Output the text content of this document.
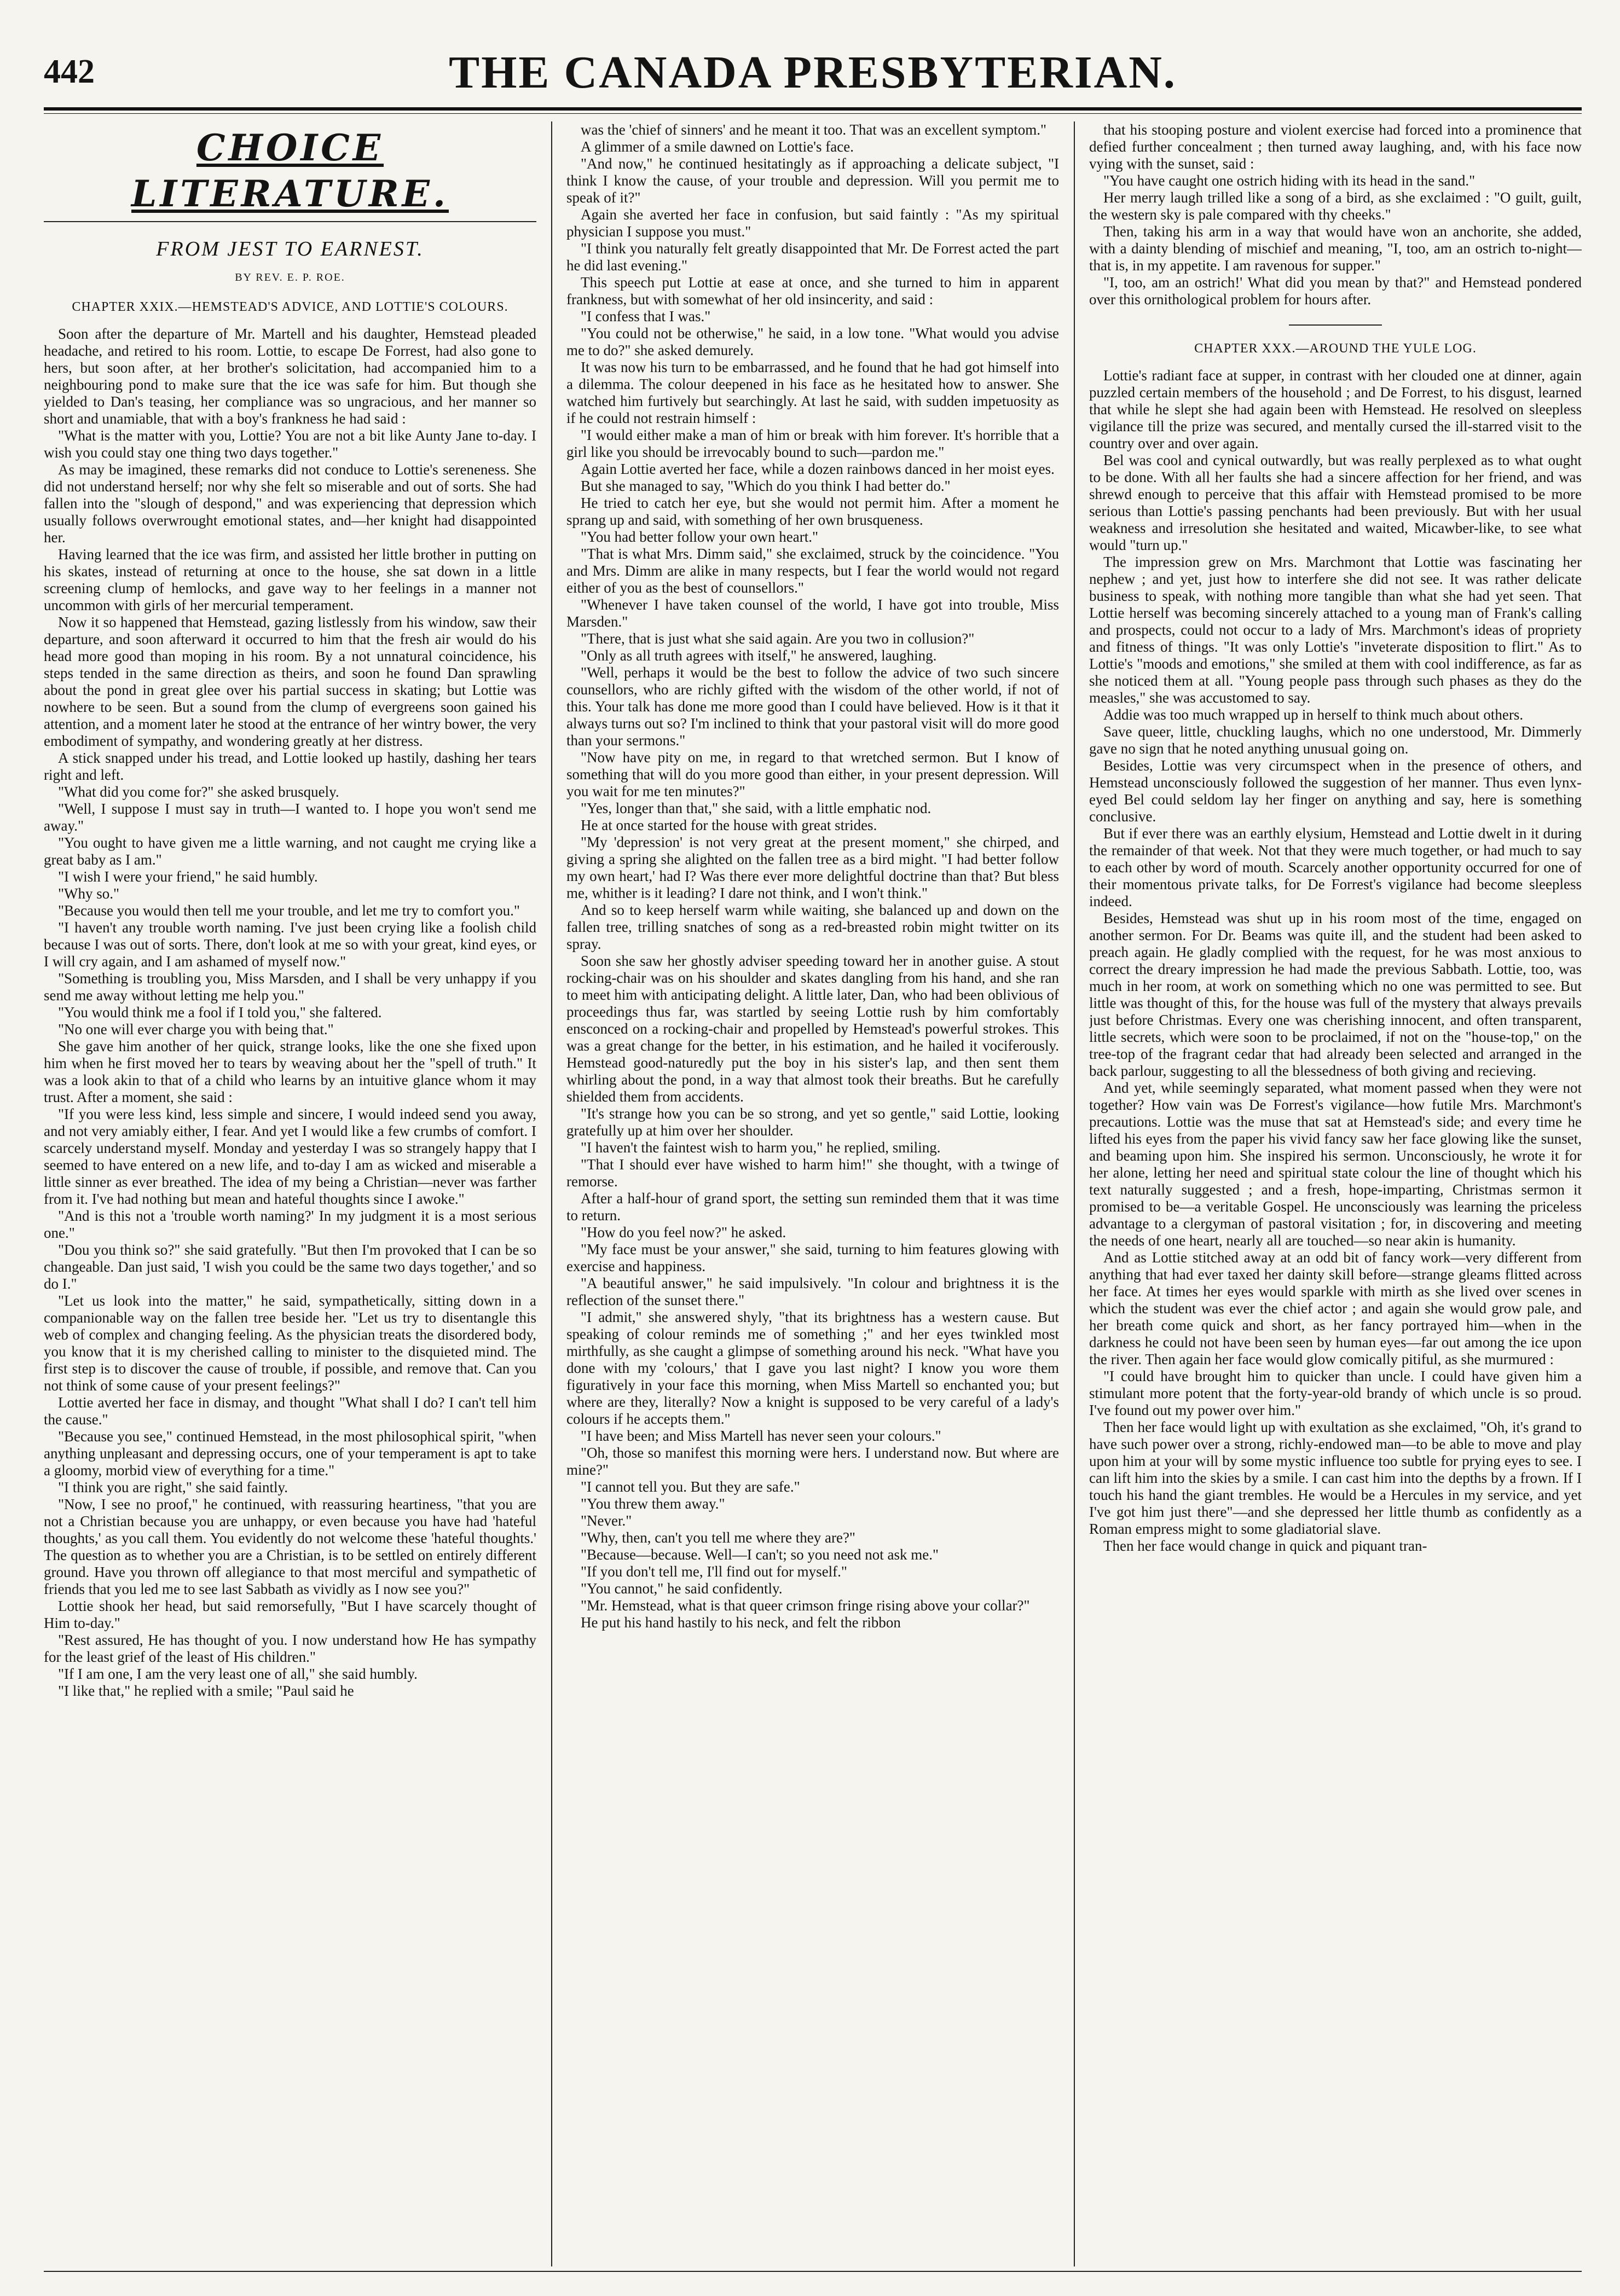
442	THE CANADA PRESBYTERIAN.
CHOICE LITERATURE.
FROM JEST TO EARNEST.
BY REV. E. P. ROE.
CHAPTER XXIX.—HEMSTEAD'S ADVICE, AND LOTTIE'S COLOURS.

Soon after the departure of Mr. Martell and his daughter, Hemstead pleaded headache, and retired to his room. Lottie, to escape De Forrest, had also gone to hers, but soon after, at her brother's solicitation, had accompanied him to a neighbouring pond to make sure that the ice was safe for him. But though she yielded to Dan's teasing, her compliance was so ungracious, and her manner so short and unamiable, that with a boy's frankness he had said :

"What is the matter with you, Lottie? You are not a bit like Aunty Jane to-day. I wish you could stay one thing two days together."

As may be imagined, these remarks did not conduce to Lottie's sereneness. She did not understand herself; nor why she felt so miserable and out of sorts. She had fallen into the "slough of despond," and was experiencing that depression which usually follows overwrought emotional states, and—her knight had disappointed her.

Having learned that the ice was firm, and assisted her little brother in putting on his skates, instead of returning at once to the house, she sat down in a little screening clump of hemlocks, and gave way to her feelings in a manner not uncommon with girls of her mercurial temperament.

Now it so happened that Hemstead, gazing listlessly from his window, saw their departure, and soon afterward it occurred to him that the fresh air would do his head more good than moping in his room. By a not unnatural coincidence, his steps tended in the same direction as theirs, and soon he found Dan sprawling about the pond in great glee over his partial success in skating; but Lottie was nowhere to be seen. But a sound from the clump of evergreens soon gained his attention, and a moment later he stood at the entrance of her wintry bower, the very embodiment of sympathy, and wondering greatly at her distress.

A stick snapped under his tread, and Lottie looked up hastily, dashing her tears right and left.

"What did you come for?" she asked brusquely.

"Well, I suppose I must say in truth—I wanted to. I hope you won't send me away."

"You ought to have given me a little warning, and not caught me crying like a great baby as I am."

"I wish I were your friend," he said humbly.

"Why so."

"Because you would then tell me your trouble, and let me try to comfort you."

"I haven't any trouble worth naming. I've just been crying like a foolish child because I was out of sorts. There, don't look at me so with your great, kind eyes, or I will cry again, and I am ashamed of myself now."

"Something is troubling you, Miss Marsden, and I shall be very unhappy if you send me away without letting me help you."

"You would think me a fool if I told you," she faltered.

"No one will ever charge you with being that."

She gave him another of her quick, strange looks, like the one she fixed upon him when he first moved her to tears by weaving about her the "spell of truth." It was a look akin to that of a child who learns by an intuitive glance whom it may trust. After a moment, she said :

"If you were less kind, less simple and sincere, I would indeed send you away, and not very amiably either, I fear. And yet I would like a few crumbs of comfort. I scarcely understand myself. Monday and yesterday I was so strangely happy that I seemed to have entered on a new life, and to-day I am as wicked and miserable a little sinner as ever breathed. The idea of my being a Christian—never was farther from it. I've had nothing but mean and hateful thoughts since I awoke."

"And is this not a 'trouble worth naming?' In my judgment it is a most serious one."

"Dou you think so?" she said gratefully. "But then I'm provoked that I can be so changeable. Dan just said, 'I wish you could be the same two days together,' and so do I."

"Let us look into the matter," he said, sympathetically, sitting down in a companionable way on the fallen tree beside her. "Let us try to disentangle this web of complex and changing feeling. As the physician treats the disordered body, you know that it is my cherished calling to minister to the disquieted mind. The first step is to discover the cause of trouble, if possible, and remove that. Can you not think of some cause of your present feelings?"

Lottie averted her face in dismay, and thought "What shall I do? I can't tell him the cause."

"Because you see," continued Hemstead, in the most philosophical spirit, "when anything unpleasant and depressing occurs, one of your temperament is apt to take a gloomy, morbid view of everything for a time."

"I think you are right," she said faintly.

"Now, I see no proof," he continued, with reassuring heartiness, "that you are not a Christian because you are unhappy, or even because you have had 'hateful thoughts,' as you call them. You evidently do not welcome these 'hateful thoughts.' The question as to whether you are a Christian, is to be settled on entirely different ground. Have you thrown off allegiance to that most merciful and sympathetic of friends that you led me to see last Sabbath as vividly as I now see you?"

Lottie shook her head, but said remorsefully, "But I have scarcely thought of Him to-day."

"Rest assured, He has thought of you. I now understand how He has sympathy for the least grief of the least of His children."

"If I am one, I am the very least one of all," she said humbly.

"I like that," he replied with a smile; "Paul said he

was the 'chief of sinners' and he meant it too. That was an excellent symptom."

A glimmer of a smile dawned on Lottie's face.

"And now," he continued hesitatingly as if approaching a delicate subject, "I think I know the cause, of your trouble and depression. Will you permit me to speak of it?"

Again she averted her face in confusion, but said faintly : "As my spiritual physician I suppose you must."

"I think you naturally felt greatly disappointed that Mr. De Forrest acted the part he did last evening."

This speech put Lottie at ease at once, and she turned to him in apparent frankness, but with somewhat of her old insincerity, and said :

"I confess that I was."

"You could not be otherwise," he said, in a low tone. "What would you advise me to do?" she asked demurely.

It was now his turn to be embarrassed, and he found that he had got himself into a dilemma. The colour deepened in his face as he hesitated how to answer. She watched him furtively but searchingly. At last he said, with sudden impetuosity as if he could not restrain himself :

"I would either make a man of him or break with him forever. It's horrible that a girl like you should be irrevocably bound to such—pardon me."

Again Lottie averted her face, while a dozen rainbows danced in her moist eyes.

But she managed to say, "Which do you think I had better do."

He tried to catch her eye, but she would not permit him. After a moment he sprang up and said, with something of her own brusqueness.

"You had better follow your own heart."

"That is what Mrs. Dimm said," she exclaimed, struck by the coincidence. "You and Mrs. Dimm are alike in many respects, but I fear the world would not regard either of you as the best of counsellors."

"Whenever I have taken counsel of the world, I have got into trouble, Miss Marsden."

"There, that is just what she said again. Are you two in collusion?"

"Only as all truth agrees with itself," he answered, laughing.

"Well, perhaps it would be the best to follow the advice of two such sincere counsellors, who are richly gifted with the wisdom of the other world, if not of this. Your talk has done me more good than I could have believed. How is it that it always turns out so? I'm inclined to think that your pastoral visit will do more good than your sermons."

"Now have pity on me, in regard to that wretched sermon. But I know of something that will do you more good than either, in your present depression. Will you wait for me ten minutes?"

"Yes, longer than that," she said, with a little emphatic nod.

He at once started for the house with great strides.

"My 'depression' is not very great at the present moment," she chirped, and giving a spring she alighted on the fallen tree as a bird might. "I had better follow my own heart,' had I? Was there ever more delightful doctrine than that? But bless me, whither is it leading? I dare not think, and I won't think."

And so to keep herself warm while waiting, she balanced up and down on the fallen tree, trilling snatches of song as a red-breasted robin might twitter on its spray.

Soon she saw her ghostly adviser speeding toward her in another guise. A stout rocking-chair was on his shoulder and skates dangling from his hand, and she ran to meet him with anticipating delight. A little later, Dan, who had been oblivious of proceedings thus far, was startled by seeing Lottie rush by him comfortably ensconced on a rocking-chair and propelled by Hemstead's powerful strokes. This was a great change for the better, in his estimation, and he hailed it vociferously. Hemstead good-naturedly put the boy in his sister's lap, and then sent them whirling about the pond, in a way that almost took their breaths. But he carefully shielded them from accidents.

"It's strange how you can be so strong, and yet so gentle," said Lottie, looking gratefully up at him over her shoulder.

"I haven't the faintest wish to harm you," he replied, smiling.

"That I should ever have wished to harm him!" she thought, with a twinge of remorse.

After a half-hour of grand sport, the setting sun reminded them that it was time to return.

"How do you feel now?" he asked.

"My face must be your answer," she said, turning to him features glowing with exercise and happiness.

"A beautiful answer," he said impulsively. "In colour and brightness it is the reflection of the sunset there."

"I admit," she answered shyly, "that its brightness has a western cause. But speaking of colour reminds me of something ;" and her eyes twinkled most mirthfully, as she caught a glimpse of something around his neck. "What have you done with my 'colours,' that I gave you last night? I know you wore them figuratively in your face this morning, when Miss Martell so enchanted you; but where are they, literally? Now a knight is supposed to be very careful of a lady's colours if he accepts them."

"I have been; and Miss Martell has never seen your colours."

"Oh, those so manifest this morning were hers. I understand now. But where are mine?"

"I cannot tell you. But they are safe."

"You threw them away."

"Never."

"Why, then, can't you tell me where they are?"

"Because—because. Well—I can't; so you need not ask me."

"If you don't tell me, I'll find out for myself."

"You cannot," he said confidently.

"Mr. Hemstead, what is that queer crimson fringe rising above your collar?"

He put his hand hastily to his neck, and felt the ribbon

that his stooping posture and violent exercise had forced into a prominence that defied further concealment ; then turned away laughing, and, with his face now vying with the sunset, said :

"You have caught one ostrich hiding with its head in the sand."

Her merry laugh trilled like a song of a bird, as she exclaimed : "O guilt, guilt, the western sky is pale compared with thy cheeks."

Then, taking his arm in a way that would have won an anchorite, she added, with a dainty blending of mischief and meaning, "I, too, am an ostrich to-night—that is, in my appetite. I am ravenous for supper."

"I, too, am an ostrich!' What did you mean by that?" and Hemstead pondered over this ornithological problem for hours after.

CHAPTER XXX.—AROUND THE YULE LOG.

Lottie's radiant face at supper, in contrast with her clouded one at dinner, again puzzled certain members of the household ; and De Forrest, to his disgust, learned that while he slept she had again been with Hemstead. He resolved on sleepless vigilance till the prize was secured, and mentally cursed the ill-starred visit to the country over and over again.

Bel was cool and cynical outwardly, but was really perplexed as to what ought to be done. With all her faults she had a sincere affection for her friend, and was shrewd enough to perceive that this affair with Hemstead promised to be more serious than Lottie's passing penchants had been previously. But with her usual weakness and irresolution she hesitated and waited, Micawber-like, to see what would "turn up."

The impression grew on Mrs. Marchmont that Lottie was fascinating her nephew ; and yet, just how to interfere she did not see. It was rather delicate business to speak, with nothing more tangible than what she had yet seen. That Lottie herself was becoming sincerely attached to a young man of Frank's calling and prospects, could not occur to a lady of Mrs. Marchmont's ideas of propriety and fitness of things. "It was only Lottie's "inveterate disposition to flirt." As to Lottie's "moods and emotions," she smiled at them with cool indifference, as far as she noticed them at all. "Young people pass through such phases as they do the measles," she was accustomed to say.

Addie was too much wrapped up in herself to think much about others.

Save queer, little, chuckling laughs, which no one understood, Mr. Dimmerly gave no sign that he noted anything unusual going on.

Besides, Lottie was very circumspect when in the presence of others, and Hemstead unconsciously followed the suggestion of her manner. Thus even lynx-eyed Bel could seldom lay her finger on anything and say, here is something conclusive.

But if ever there was an earthly elysium, Hemstead and Lottie dwelt in it during the remainder of that week. Not that they were much together, or had much to say to each other by word of mouth. Scarcely another opportunity occurred for one of their momentous private talks, for De Forrest's vigilance had become sleepless indeed.

Besides, Hemstead was shut up in his room most of the time, engaged on another sermon. For Dr. Beams was quite ill, and the student had been asked to preach again. He gladly complied with the request, for he was most anxious to correct the dreary impression he had made the previous Sabbath. Lottie, too, was much in her room, at work on something which no one was permitted to see. But little was thought of this, for the house was full of the mystery that always prevails just before Christmas. Every one was cherishing innocent, and often transparent, little secrets, which were soon to be proclaimed, if not on the "house-top," on the tree-top of the fragrant cedar that had already been selected and arranged in the back parlour, suggesting to all the blessedness of both giving and recieving.

And yet, while seemingly separated, what moment passed when they were not together? How vain was De Forrest's vigilance—how futile Mrs. Marchmont's precautions. Lottie was the muse that sat at Hemstead's side; and every time he lifted his eyes from the paper his vivid fancy saw her face glowing like the sunset, and beaming upon him. She inspired his sermon. Unconsciously, he wrote it for her alone, letting her need and spiritual state colour the line of thought which his text naturally suggested ; and a fresh, hope-imparting, Christmas sermon it promised to be—a veritable Gospel. He unconsciously was learning the priceless advantage to a clergyman of pastoral visitation ; for, in discovering and meeting the needs of one heart, nearly all are touched—so near akin is humanity.

And as Lottie stitched away at an odd bit of fancy work—very different from anything that had ever taxed her dainty skill before—strange gleams flitted across her face. At times her eyes would sparkle with mirth as she lived over scenes in which the student was ever the chief actor ; and again she would grow pale, and her breath come quick and short, as her fancy portrayed him—when in the darkness he could not have been seen by human eyes—far out among the ice upon the river. Then again her face would glow comically pitiful, as she murmured :

"I could have brought him to quicker than uncle. I could have given him a stimulant more potent that the forty-year-old brandy of which uncle is so proud. I've found out my power over him."

Then her face would light up with exultation as she exclaimed, "Oh, it's grand to have such power over a strong, richly-endowed man—to be able to move and play upon him at your will by some mystic influence too subtle for prying eyes to see. I can lift him into the skies by a smile. I can cast him into the depths by a frown. If I touch his hand the giant trembles. He would be a Hercules in my service, and yet I've got him just there"—and she depressed her little thumb as confidently as a Roman empress might to some gladiatorial slave.

Then her face would change in quick and piquant tran-
